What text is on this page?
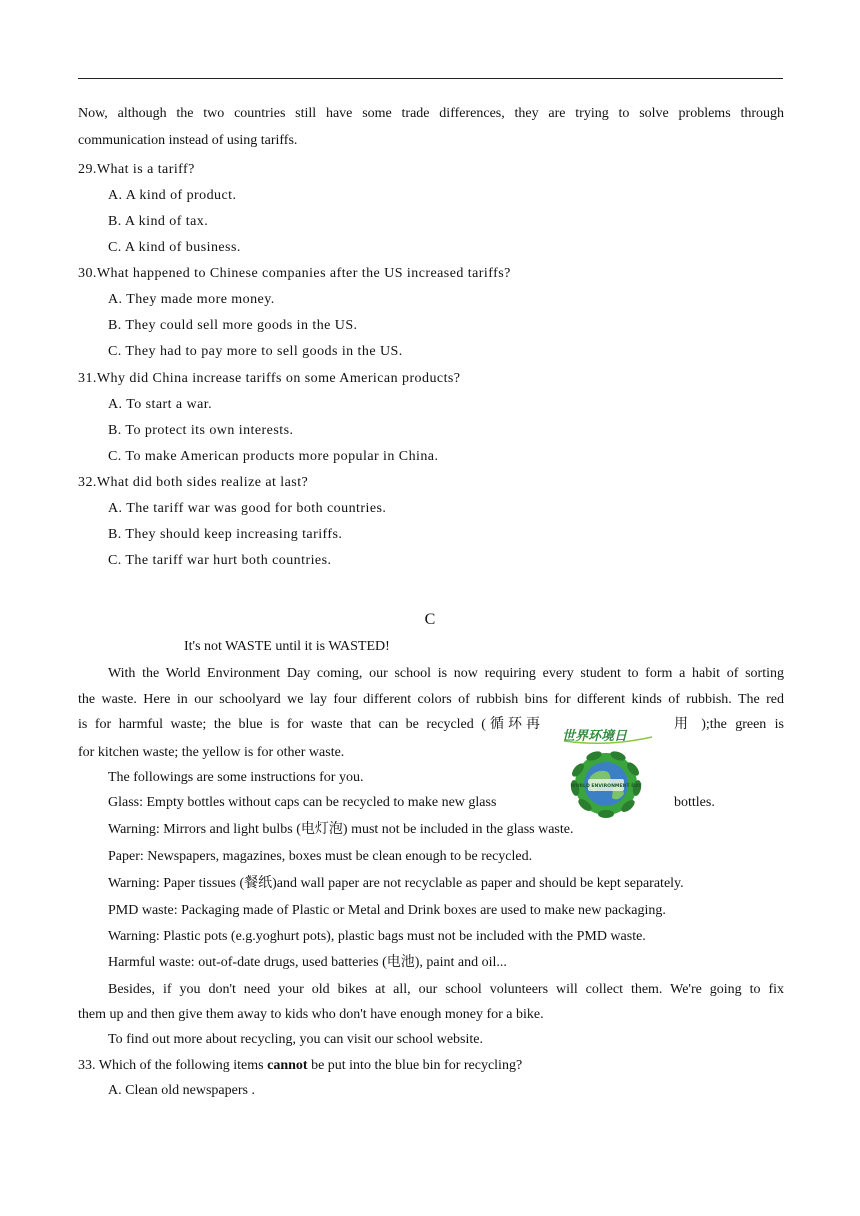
Now, although the two countries still have some trade differences, they are trying to solve problems through
communication instead of using tariffs.
29.What is a tariff?
A. A kind of product.
B. A kind of tax.
C. A kind of business.
30.What happened to Chinese companies after the US increased tariffs?
A. They made more money.
B. They could sell more goods in the US.
C. They had to pay more to sell goods in the US.
31.Why did China increase tariffs on some American products?
A. To start a war.
B. To protect its own interests.
C. To make American products more popular in China.
32.What did both sides realize at last?
A. The tariff war was good for both countries.
B. They should keep increasing tariffs.
C. The tariff war hurt both countries.
C
It's not WASTE until it is WASTED!
With the World Environment Day coming, our school is now requiring every student to form a habit of sorting
the waste. Here in our schoolyard we lay four different colors of rubbish bins for different kinds of rubbish. The red
is for harmful waste; the blue is for waste that can be recycled (循环再	用 );the green is
for kitchen waste; the yellow is for other waste.
The followings are some instructions for you.
Glass: Empty bottles without caps can be recycled to make new glass	bottles.
Warning: Mirrors and light bulbs (电灯泡) must not be included in the glass waste.
Paper: Newspapers, magazines, boxes must be clean enough to be recycled.
Warning: Paper tissues (餐纸)and wall paper are not recyclable as paper and should be kept separately.
PMD waste: Packaging made of Plastic or Metal and Drink boxes are used to make new packaging.
Warning: Plastic pots (e.g.yoghurt pots), plastic bags must not be included with the PMD waste.
Harmful waste: out-of-date drugs, used batteries (电池), paint and oil...
Besides, if you don't need your old bikes at all, our school volunteers will collect them. We're going to fix
them up and then give them away to kids who don't have enough money for a bike.
To find out more about recycling, you can visit our school website.
33. Which of the following items cannot be put into the blue bin for recycling?
A. Clean old newspapers .
世界环境日
WORLD ENVIRONMENT DAY
